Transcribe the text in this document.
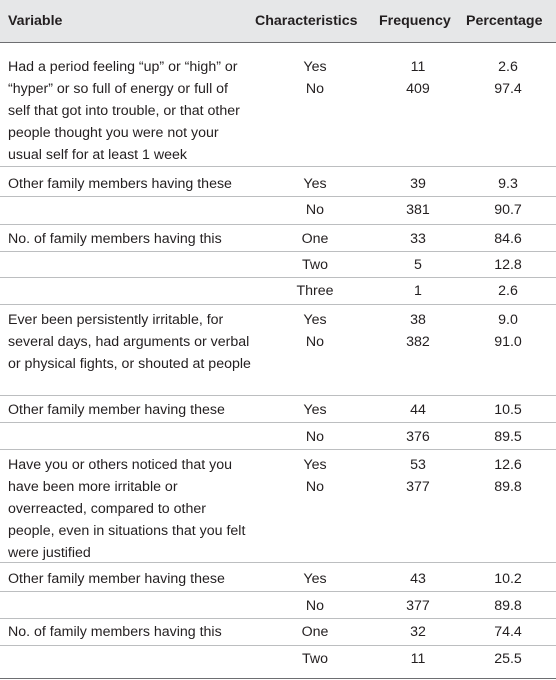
Variable	Characteristics Frequency Percentage
Had a period feeling “up” or “high” or “hyper” or so full of energy or full of self that got into trouble, or that other people thought you were not your usual self for at least 1 week
Yes	11	2.6
No	409	97.4
Other family members having these	Yes	39	9.3
No	381	90.7
No. of family members having this	One	33	84.6
Two	5	12.8
Three	1	2.6
Ever been persistently irritable, for several days, had arguments or verbal or physical fights, or shouted at people
Yes	38	9.0
No	382	91.0
Other family member having these	Yes	44	10.5
No	376	89.5
Have you or others noticed that you have been more irritable or overreacted, compared to other people, even in situations that you felt were justified
Yes	53	12.6
No	377	89.8
Other family member having these	Yes	43	10.2
No	377	89.8
No. of family members having this	One	32	74.4
Two	11	25.5
